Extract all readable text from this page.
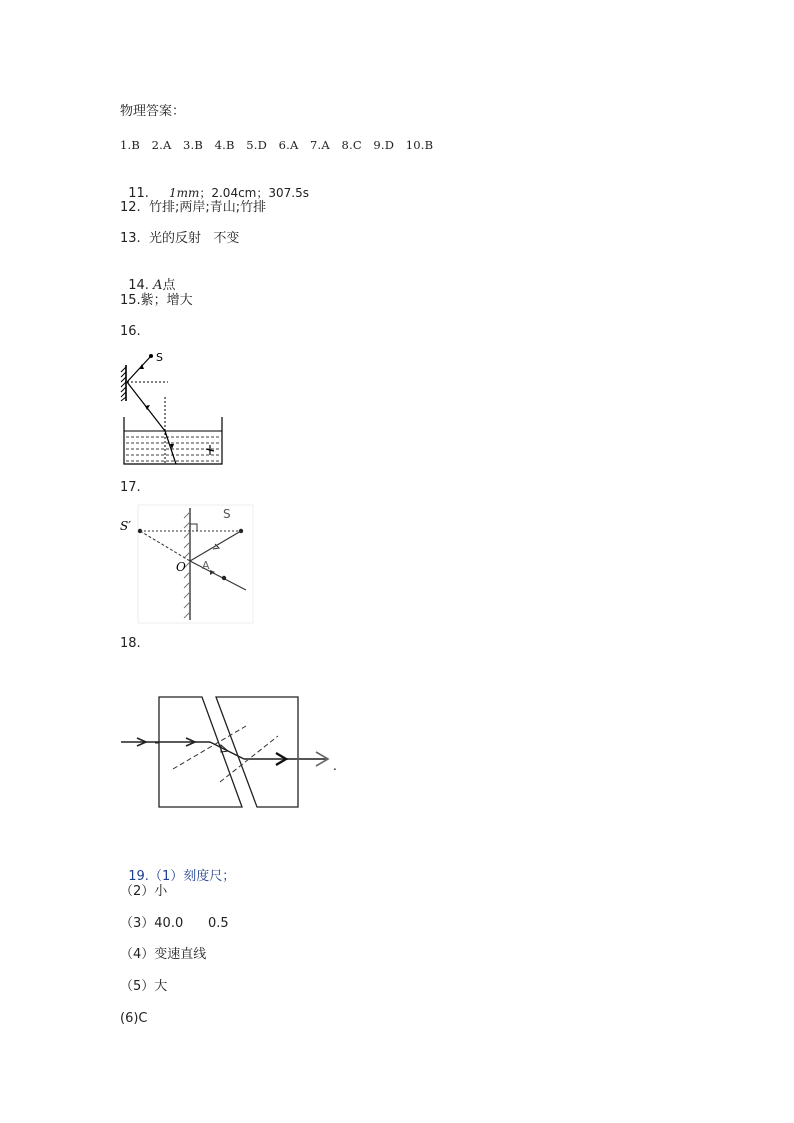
物理答案：
1.B   2.A   3.B   4.B   5.D   6.A   7.A   8.C   9.D   10.B

11. 1mm；2.04cm；307.5s

12.  竹排;两岸;青山;竹排
13.  光的反射   不变

14. A点

15.紫；增大
16.
S
17.
S′
S
O A
18.
.

19.（1）刻度尺；

（2）小
（3）40.0      0.5
（4）变速直线
（5）大
(6)C
